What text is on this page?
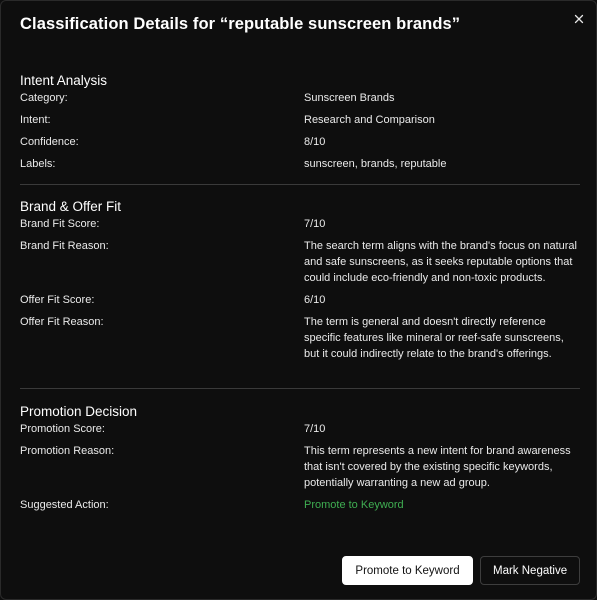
Classification Details for “reputable sunscreen brands”
Intent Analysis
Category:	Sunscreen Brands
Intent:	Research and Comparison
Confidence:	8/10
Labels:	sunscreen, brands, reputable
Brand & Offer Fit
Brand Fit Score:	7/10
Brand Fit Reason:	The search term aligns with the brand's focus on natural and safe sunscreens, as it seeks reputable options that could include eco-friendly and non-toxic products.
Offer Fit Score:	6/10
Offer Fit Reason:	The term is general and doesn't directly reference specific features like mineral or reef-safe sunscreens, but it could indirectly relate to the brand's offerings.
Promotion Decision
Promotion Score:	7/10
Promotion Reason:	This term represents a new intent for brand awareness that isn't covered by the existing specific keywords, potentially warranting a new ad group.
Suggested Action:	Promote to Keyword
Promote to Keyword	Mark Negative
